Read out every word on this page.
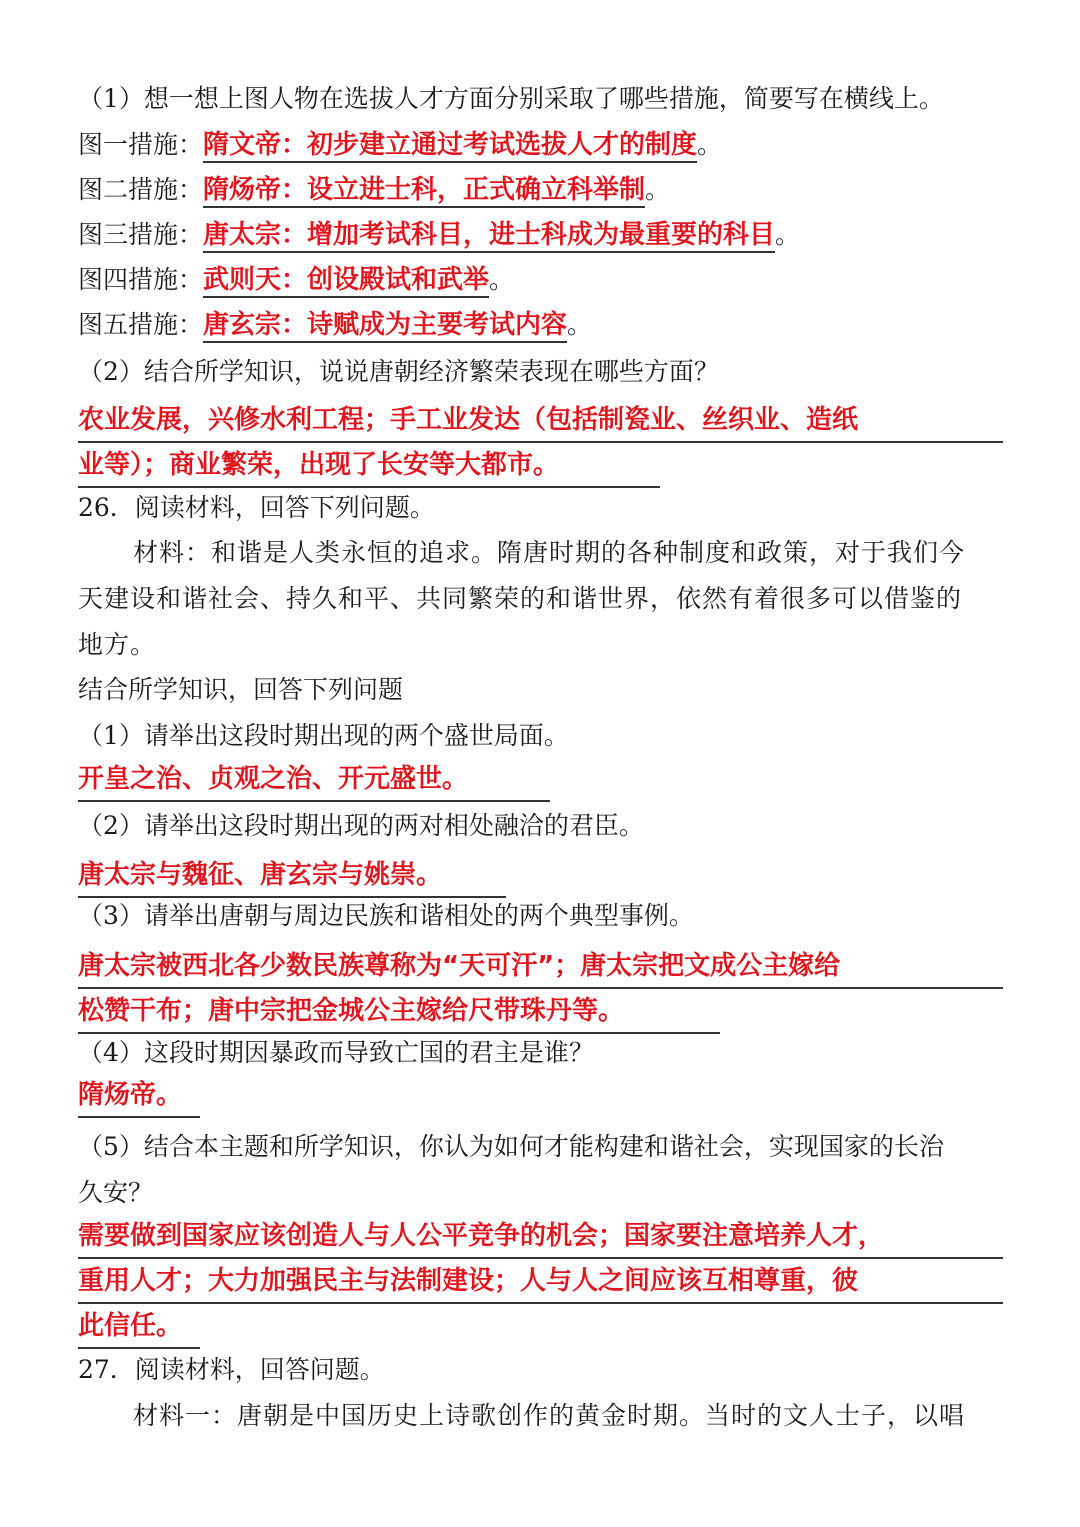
（1）想一想上图人物在选拔人才方面分别采取了哪些措施，简要写在横线上。
图一措施：隋文帝：初步建立通过考试选拔人才的制度。
图二措施：隋炀帝：设立进士科，正式确立科举制。
图三措施：唐太宗：增加考试科目，进士科成为最重要的科目。
图四措施：武则天：创设殿试和武举。
图五措施：唐玄宗：诗赋成为主要考试内容。
（2）结合所学知识，说说唐朝经济繁荣表现在哪些方面？
农业发展，兴修水利工程；手工业发达（包括制瓷业、丝织业、造纸
业等）；商业繁荣，出现了长安等大都市。
26．阅读材料，回答下列问题。
材料：和谐是人类永恒的追求。隋唐时期的各种制度和政策，对于我们今
天建设和谐社会、持久和平、共同繁荣的和谐世界，依然有着很多可以借鉴的
地方。
结合所学知识，回答下列问题
（1）请举出这段时期出现的两个盛世局面。
开皇之治、贞观之治、开元盛世。
（2）请举出这段时期出现的两对相处融洽的君臣。
唐太宗与魏征、唐玄宗与姚崇。
（3）请举出唐朝与周边民族和谐相处的两个典型事例。
唐太宗被西北各少数民族尊称为“天可汗”；唐太宗把文成公主嫁给
松赞干布；唐中宗把金城公主嫁给尺带珠丹等。
（4）这段时期因暴政而导致亡国的君主是谁？
隋炀帝。
（5）结合本主题和所学知识，你认为如何才能构建和谐社会，实现国家的长治
久安？
需要做到国家应该创造人与人公平竞争的机会；国家要注意培养人才，
重用人才；大力加强民主与法制建设；人与人之间应该互相尊重，彼
此信任。
27．阅读材料，回答问题。
材料一：唐朝是中国历史上诗歌创作的黄金时期。当时的文人士子，以唱
